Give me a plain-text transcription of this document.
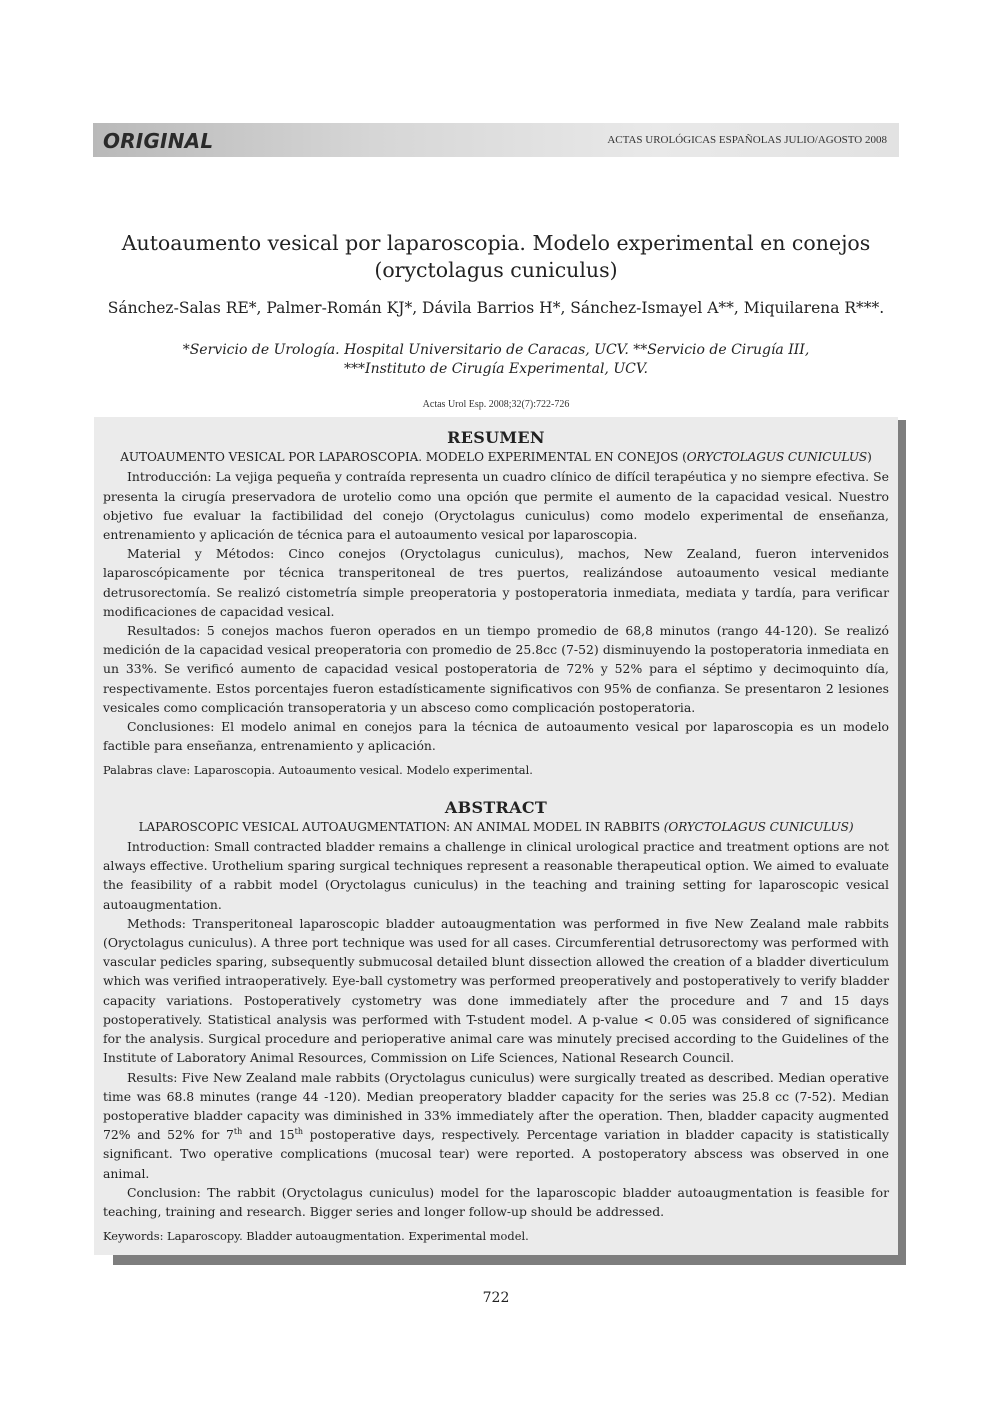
ORIGINAL	ACTAS UROLÓGICAS ESPAÑOLAS JULIO/AGOSTO 2008
Autoaumento vesical por laparoscopia. Modelo experimental en conejos
(oryctolagus cuniculus)
Sánchez-Salas RE*, Palmer-Román KJ*, Dávila Barrios H*, Sánchez-Ismayel A**, Miquilarena R***.
*Servicio de Urología. Hospital Universitario de Caracas, UCV. **Servicio de Cirugía III,
***Instituto de Cirugía Experimental, UCV.
Actas Urol Esp. 2008;32(7):722-726
RESUMEN

AUTOAUMENTO VESICAL POR LAPAROSCOPIA. MODELO EXPERIMENTAL EN CONEJOS (ORYCTOLAGUS CUNICULUS)

Introducción: La vejiga pequeña y contraída representa un cuadro clínico de difícil terapéutica y no siempre efectiva. Se presenta la cirugía preservadora de urotelio como una opción que permite el aumento de la capacidad vesical. Nuestro objetivo fue evaluar la factibilidad del conejo (Oryctolagus cuniculus) como modelo experimental de enseñanza, entrenamiento y aplicación de técnica para el autoaumento vesical por laparoscopia.

Material y Métodos: Cinco conejos (Oryctolagus cuniculus), machos, New Zealand, fueron intervenidos laparoscópicamente por técnica transperitoneal de tres puertos, realizándose autoaumento vesical mediante detrusorectomía. Se realizó cistometría simple preoperatoria y postoperatoria inmediata, mediata y tardía, para verificar modificaciones de capacidad vesical.

Resultados: 5 conejos machos fueron operados en un tiempo promedio de 68,8 minutos (rango 44-120). Se realizó medición de la capacidad vesical preoperatoria con promedio de 25.8cc (7-52) disminuyendo la postoperatoria inmediata en un 33%. Se verificó aumento de capacidad vesical postoperatoria de 72% y 52% para el séptimo y decimoquinto día, respectivamente. Estos porcentajes fueron estadísticamente significativos con 95% de confianza. Se presentaron 2 lesiones vesicales como complicación transoperatoria y un absceso como complicación postoperatoria.

Conclusiones: El modelo animal en conejos para la técnica de autoaumento vesical por laparoscopia es un modelo factible para enseñanza, entrenamiento y aplicación.

Palabras clave: Laparoscopia. Autoaumento vesical. Modelo experimental.

ABSTRACT

LAPAROSCOPIC VESICAL AUTOAUGMENTATION: AN ANIMAL MODEL IN RABBITS (ORYCTOLAGUS CUNICULUS)

Introduction: Small contracted bladder remains a challenge in clinical urological practice and treatment options are not always effective. Urothelium sparing surgical techniques represent a reasonable therapeutical option. We aimed to evaluate the feasibility of a rabbit model (Oryctolagus cuniculus) in the teaching and training setting for laparoscopic vesical autoaugmentation.

Methods: Transperitoneal laparoscopic bladder autoaugmentation was performed in five New Zealand male rabbits (Oryctolagus cuniculus). A three port technique was used for all cases. Circumferential detrusorectomy was performed with vascular pedicles sparing, subsequently submucosal detailed blunt dissection allowed the creation of a bladder diverticulum which was verified intraoperatively. Eye-ball cystometry was performed preoperatively and postoperatively to verify bladder capacity variations. Postoperatively cystometry was done immediately after the procedure and 7 and 15 days postoperatively. Statistical analysis was performed with T-student model. A p-value < 0.05 was considered of significance for the analysis. Surgical procedure and perioperative animal care was minutely precised according to the Guidelines of the Institute of Laboratory Animal Resources, Commission on Life Sciences, National Research Council.

Results: Five New Zealand male rabbits (Oryctolagus cuniculus) were surgically treated as described. Median operative time was 68.8 minutes (range 44 -120). Median preoperatory bladder capacity for the series was 25.8 cc (7-52). Median postoperative bladder capacity was diminished in 33% immediately after the operation. Then, bladder capacity augmented 72% and 52% for 7th and 15th postoperative days, respectively. Percentage variation in bladder capacity is statistically significant. Two operative complications (mucosal tear) were reported. A postoperatory abscess was observed in one animal.

Conclusion: The rabbit (Oryctolagus cuniculus) model for the laparoscopic bladder autoaugmentation is feasible for teaching, training and research. Bigger series and longer follow-up should be addressed.

Keywords: Laparoscopy. Bladder autoaugmentation. Experimental model.

722
